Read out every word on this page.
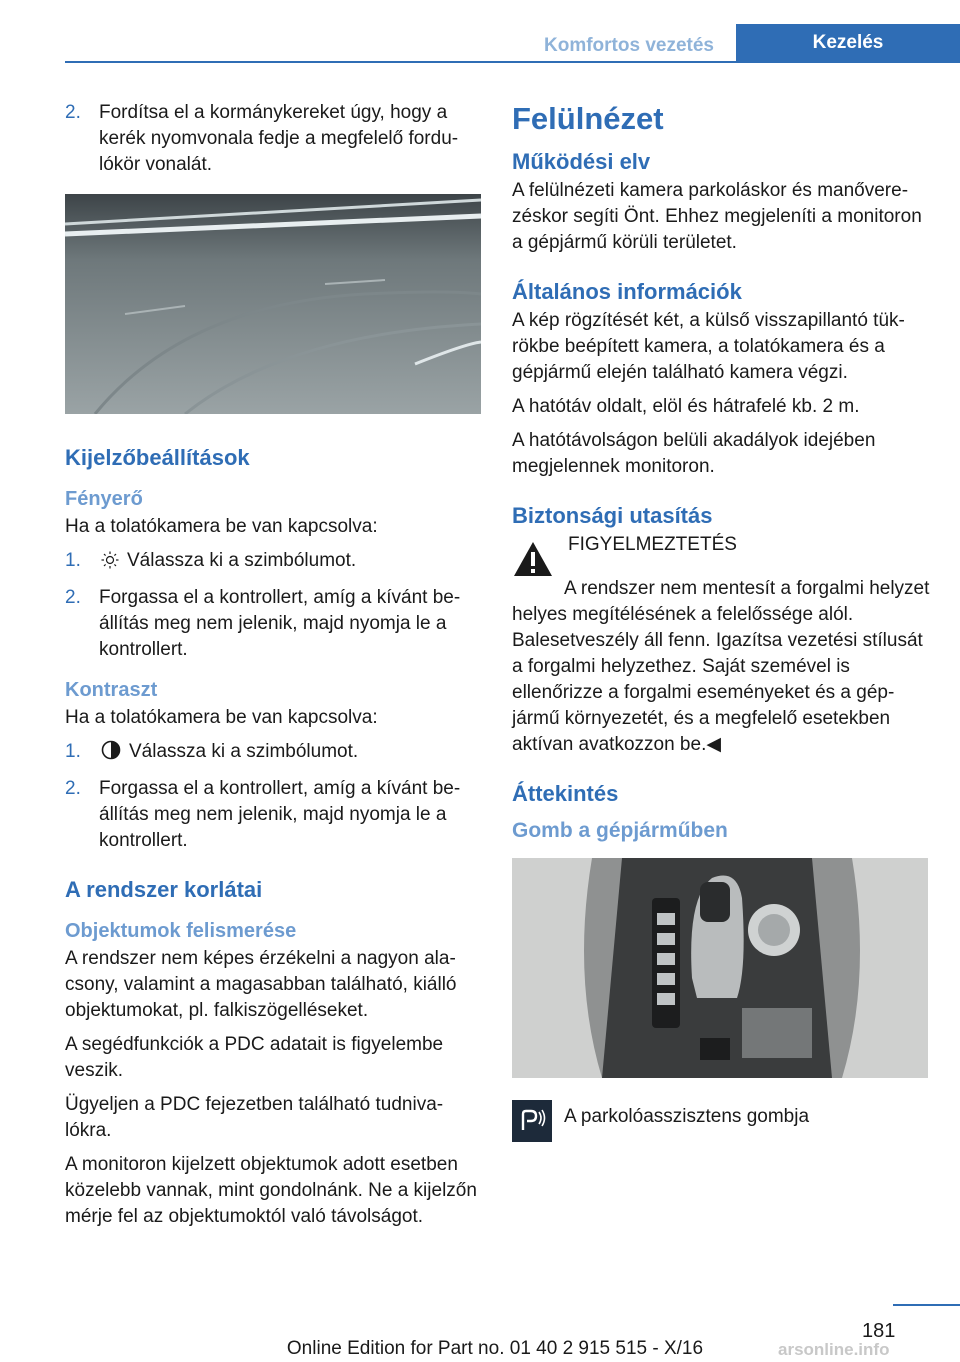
Komfortos vezetés	Kezelés
2. Fordítsa el a kormánykereket úgy, hogy a kerék nyomvonala fedje a megfelelő fordulókör vonalát.
Kijelzőbeállítások
Fényerő

Ha a tolatókamera be van kapcsolva:

1.	Válassza ki a szimbólumot.
2. Forgassa el a kontrollert, amíg a kívánt beállítás meg nem jelenik, majd nyomja le a kontrollert.
Kontraszt

Ha a tolatókamera be van kapcsolva:

1.	Válassza ki a szimbólumot.
2. Forgassa el a kontrollert, amíg a kívánt beállítás meg nem jelenik, majd nyomja le a kontrollert.
A rendszer korlátai
Objektumok felismerése

A rendszer nem képes érzékelni a nagyon alacsony, valamint a magasabban található, kiálló objektumokat, pl. falkiszögelléseket.

A segédfunkciók a PDC adatait is figyelembe veszik.

Ügyeljen a PDC fejezetben található tudnivalókra.

A monitoron kijelzett objektumok adott esetben közelebb vannak, mint gondolnánk. Ne a kijelzőn mérje fel az objektumoktól való távolságot.

Felülnézet
Működési elv

A felülnézeti kamera parkoláskor és manőverezéskor segíti Önt. Ehhez megjeleníti a monitoron a gépjármű körüli területet.

Általános információk

A kép rögzítését két, a külső visszapillantó tükrökbe beépített kamera, a tolatókamera és a gépjármű elején található kamera végzi.

A hatótáv oldalt, elöl és hátrafelé kb. 2 m.

A hatótávolságon belüli akadályok idejében megjelennek monitoron.

Biztonsági utasítás

FIGYELMEZTETÉS

A rendszer nem mentesít a forgalmi helyzet helyes megítélésének a felelőssége alól. Balesetveszély áll fenn. Igazítsa vezetési stílusát a forgalmi helyzethez. Saját szemével is ellenőrizze a forgalmi eseményeket és a gépjármű környezetét, és a megfelelő esetekben aktívan avatkozzon be.◀

Áttekintés
Gomb a gépjárműben

A parkolóasszisztens gombja

181
Online Edition for Part no. 01 40 2 915 515 - X/16	arsonline.info
